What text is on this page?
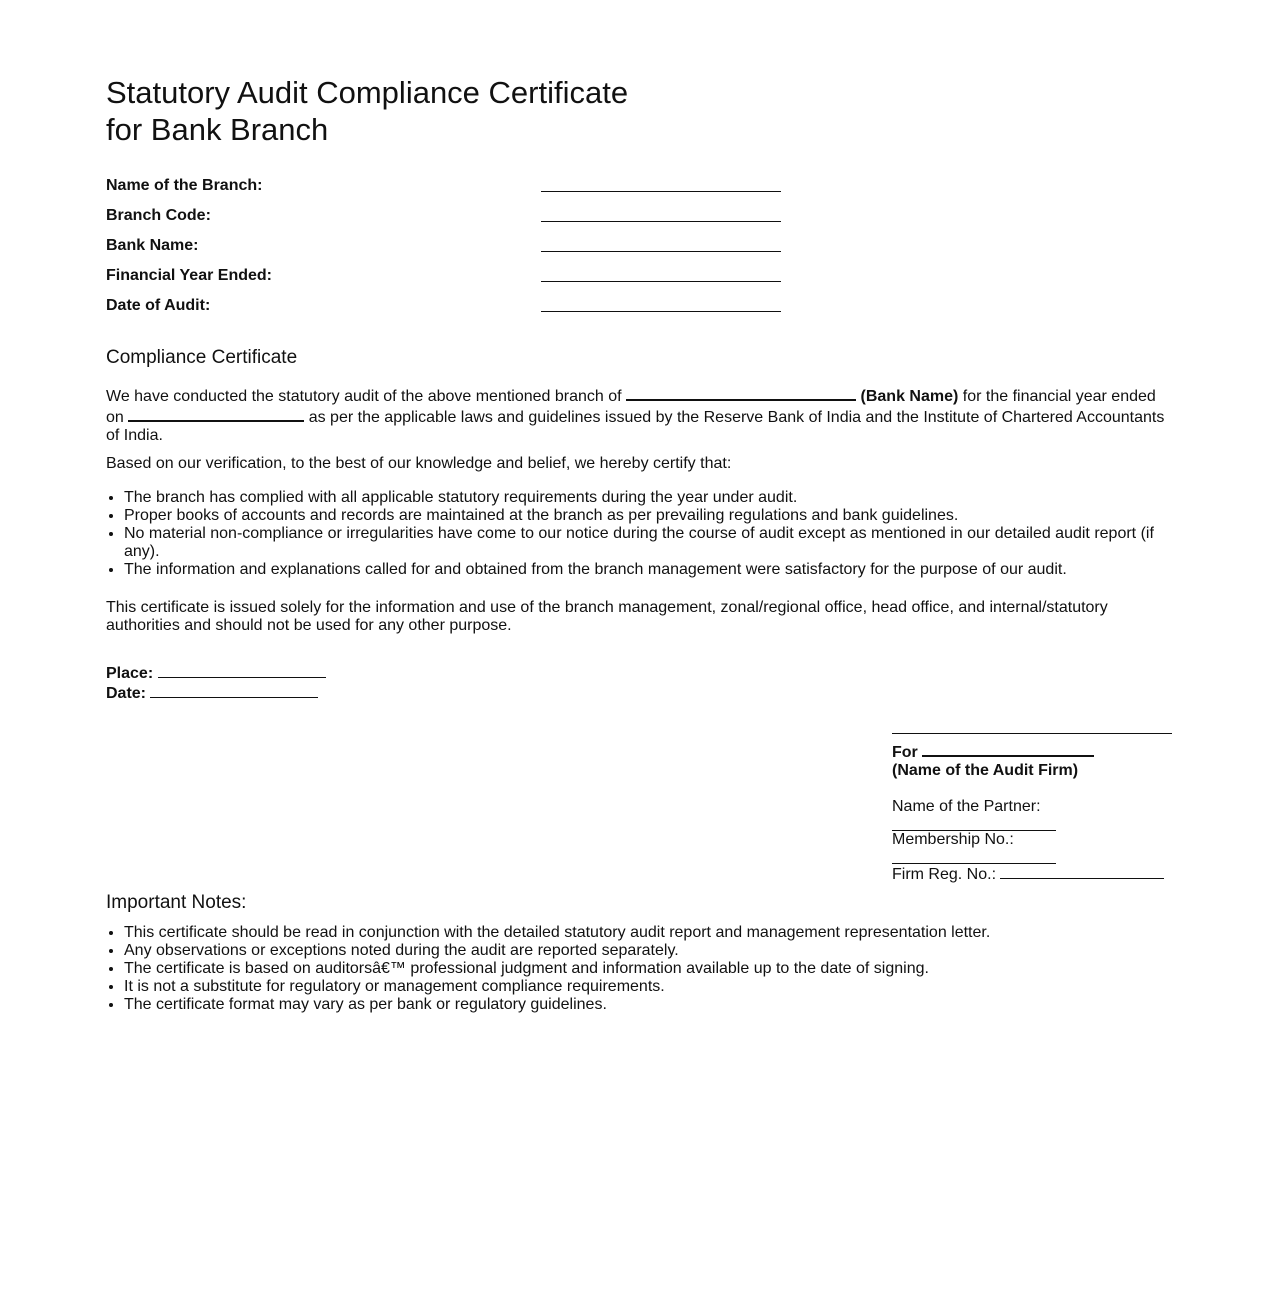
Statutory Audit Compliance Certificate
for Bank Branch
Name of the Branch:
Branch Code:
Bank Name:
Financial Year Ended:
Date of Audit:
Compliance Certificate

We have conducted the statutory audit of the above mentioned branch of	(Bank Name) for the financial year ended on	as per the applicable laws and guidelines issued by the Reserve Bank of India and the Institute of Chartered Accountants of India.

Based on our verification, to the best of our knowledge and belief, we hereby certify that:

• The branch has complied with all applicable statutory requirements during the year under audit.
• Proper books of accounts and records are maintained at the branch as per prevailing regulations and bank guidelines.
• No material non-compliance or irregularities have come to our notice during the course of audit except as mentioned in our detailed audit report (if any).
• The information and explanations called for and obtained from the branch management were satisfactory for the purpose of our audit.

This certificate is issued solely for the information and use of the branch management, zonal/regional office, head office, and internal/statutory authorities and should not be used for any other purpose.

Place:
Date:
For
(Name of the Audit Firm)
Name of the Partner:
Membership No.:
Firm Reg. No.:
Important Notes:
• This certificate should be read in conjunction with the detailed statutory audit report and management representation letter.
• Any observations or exceptions noted during the audit are reported separately.
• The certificate is based on auditorsâ€™ professional judgment and information available up to the date of signing.
• It is not a substitute for regulatory or management compliance requirements.
• The certificate format may vary as per bank or regulatory guidelines.
